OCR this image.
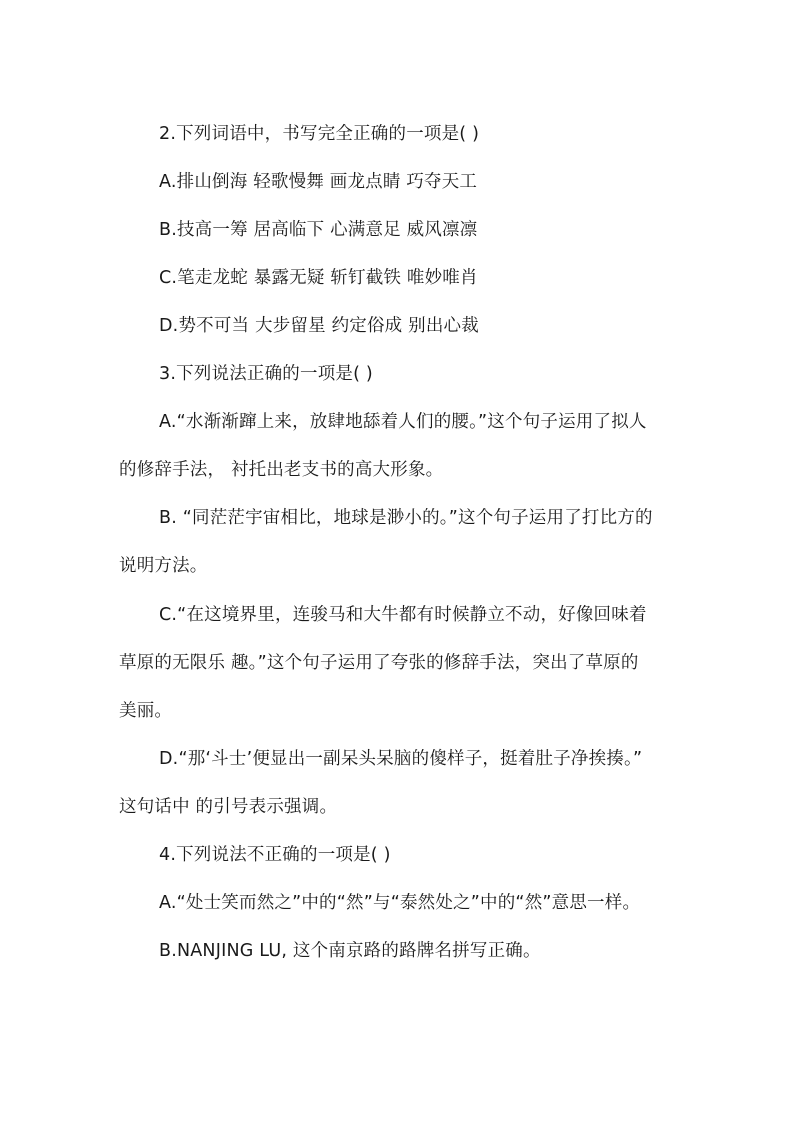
2.下列词语中，书写完全正确的一项是( )
A.排山倒海 轻歌慢舞 画龙点睛 巧夺天工
B.技高一筹 居高临下 心满意足 威风凛凛
C.笔走龙蛇 暴露无疑 斩钉截铁 唯妙唯肖
D.势不可当 大步留星 约定俗成 别出心裁
3.下列说法正确的一项是( )
A.“水渐渐蹿上来，放肆地舔着人们的腰。”这个句子运用了拟人
的修辞手法， 衬托出老支书的高大形象。
B. “同茫茫宇宙相比，地球是渺小的。”这个句子运用了打比方的
说明方法。
C.“在这境界里，连骏马和大牛都有时候静立不动，好像回味着
草原的无限乐 趣。”这个句子运用了夸张的修辞手法，突出了草原的
美丽。
D.“那‘斗士’便显出一副呆头呆脑的傻样子，挺着肚子净挨揍。”
这句话中 的引号表示强调。
4.下列说法不正确的一项是( )
A.“处士笑而然之”中的“然”与“泰然处之”中的“然”意思一样。
B.NANJING LU, 这个南京路的路牌名拼写正确。
